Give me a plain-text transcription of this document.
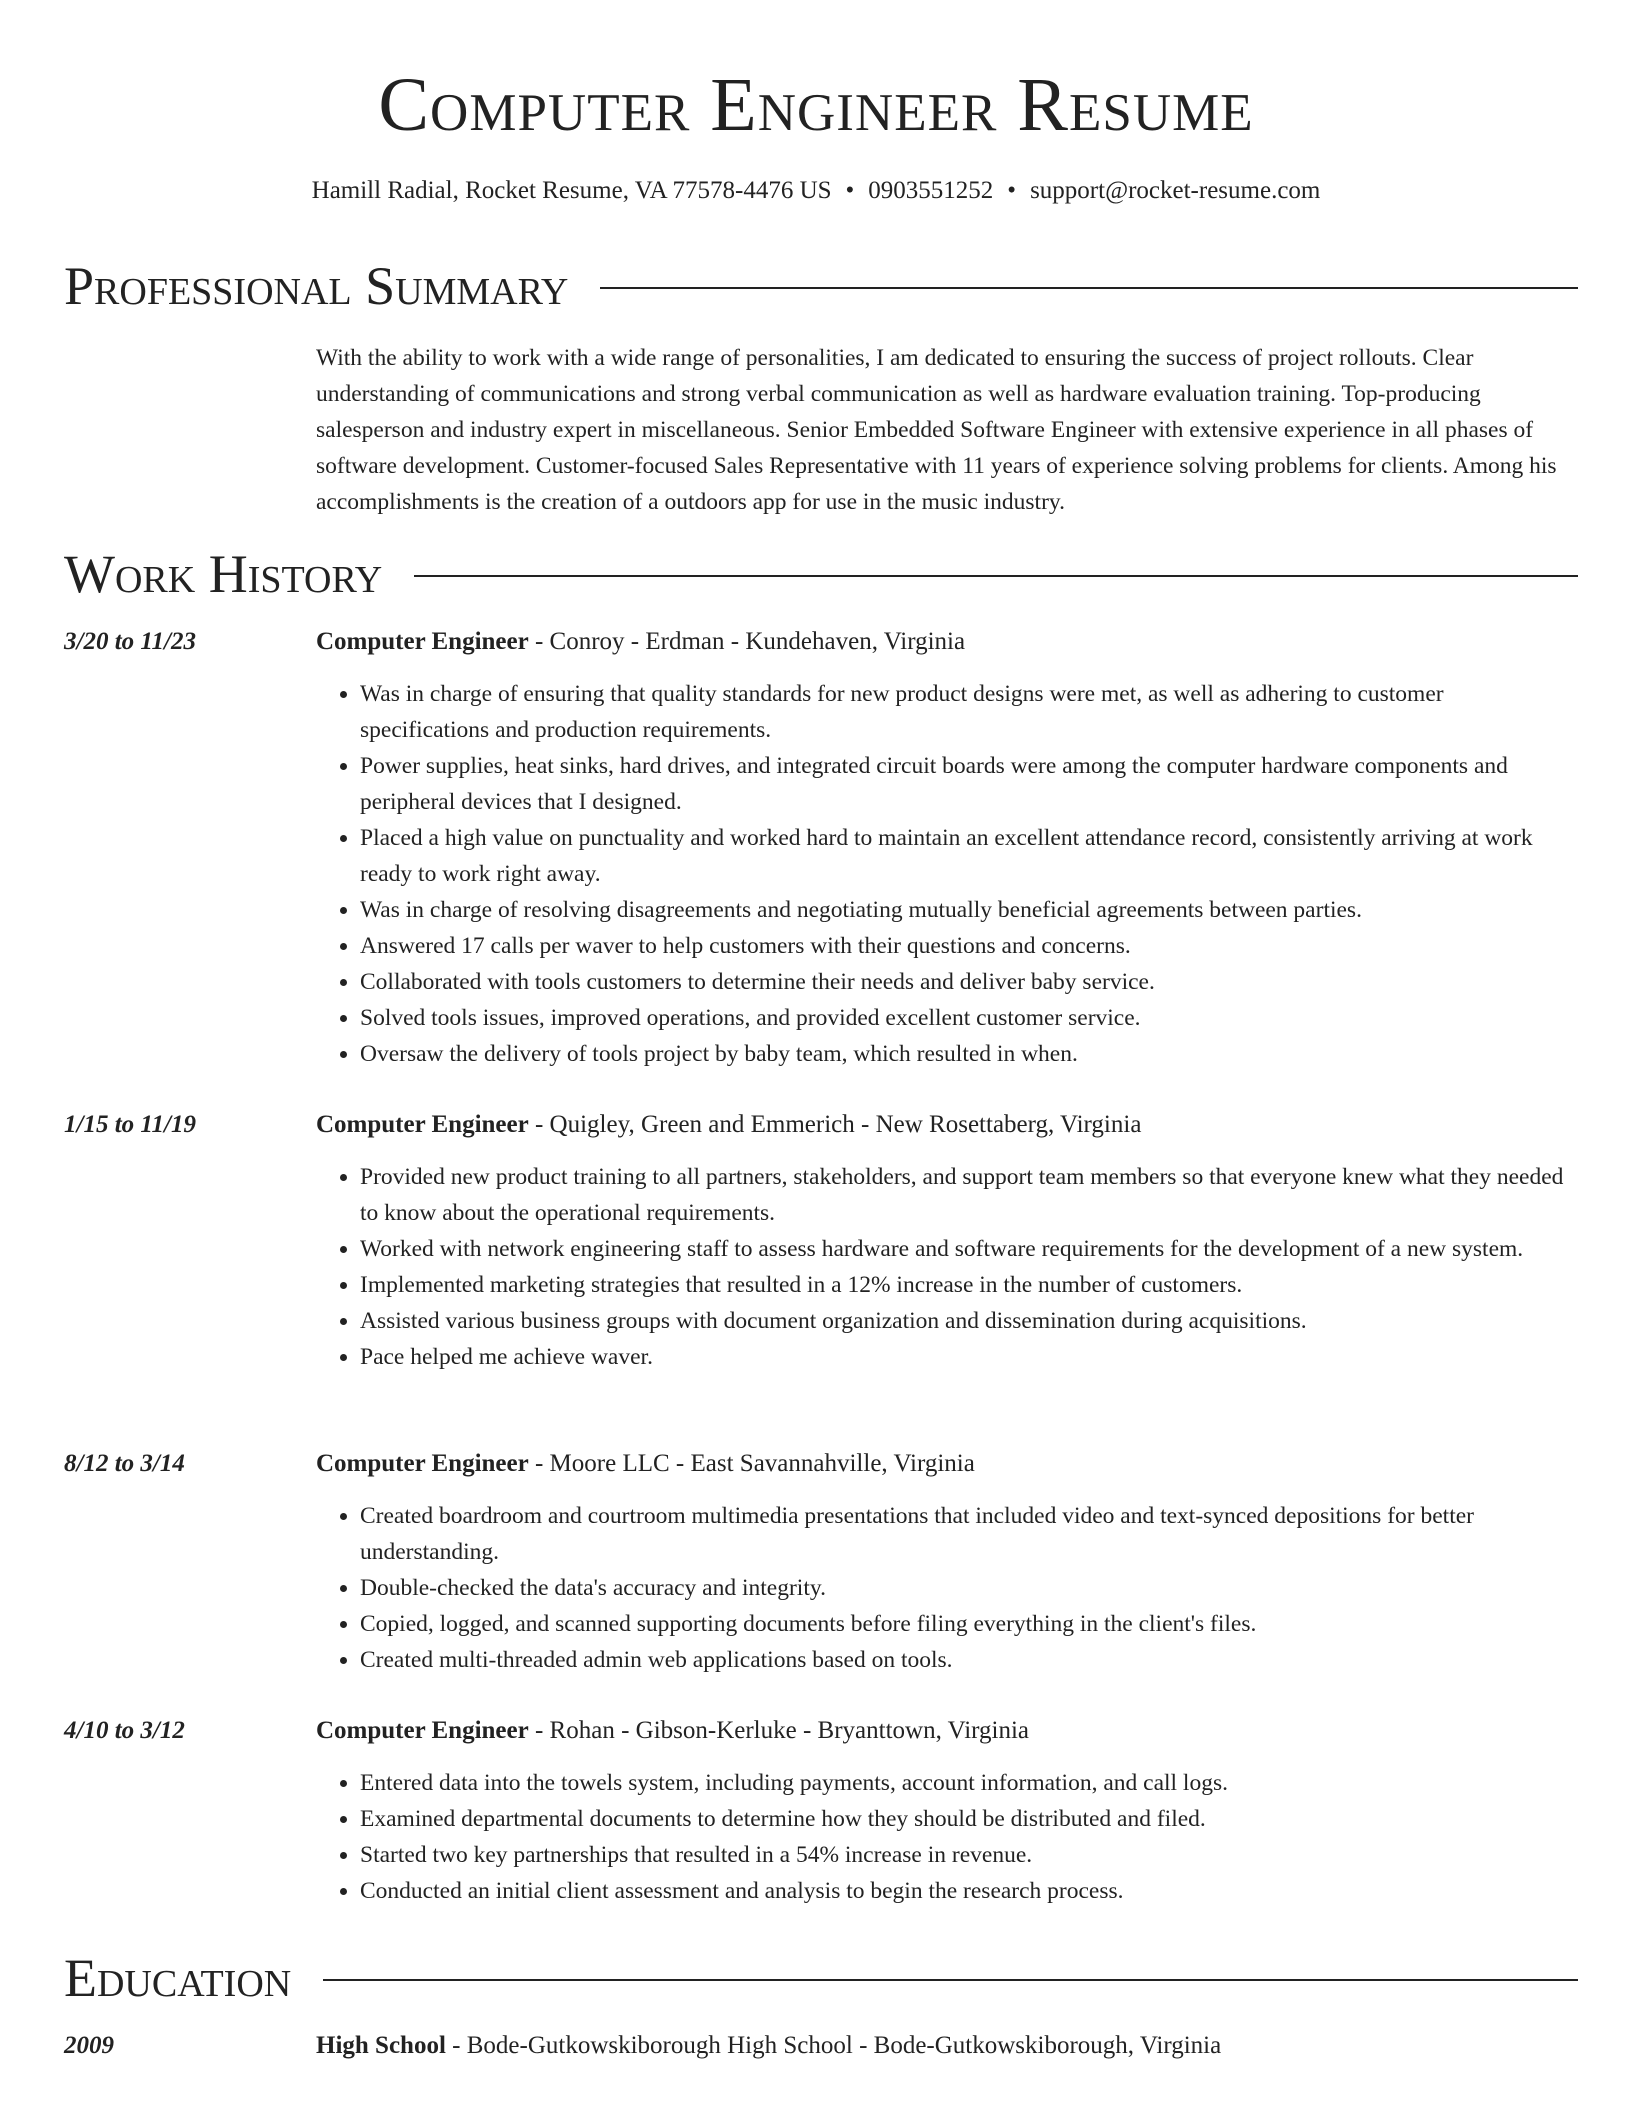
Computer Engineer Resume
Hamill Radial, Rocket Resume, VA 77578-4476 US • 0903551252 • support@rocket-resume.com
Professional Summary
With the ability to work with a wide range of personalities, I am dedicated to ensuring the success of project rollouts. Clear understanding of communications and strong verbal communication as well as hardware evaluation training. Top-producing salesperson and industry expert in miscellaneous. Senior Embedded Software Engineer with extensive experience in all phases of software development. Customer-focused Sales Representative with 11 years of experience solving problems for clients. Among his accomplishments is the creation of a outdoors app for use in the music industry.
Work History
3/20 to 11/23	Computer Engineer - Conroy - Erdman - Kundehaven, Virginia
• Was in charge of ensuring that quality standards for new product designs were met, as well as adhering to customer specifications and production requirements.
• Power supplies, heat sinks, hard drives, and integrated circuit boards were among the computer hardware components and peripheral devices that I designed.
• Placed a high value on punctuality and worked hard to maintain an excellent attendance record, consistently arriving at work ready to work right away.
• Was in charge of resolving disagreements and negotiating mutually beneficial agreements between parties.
• Answered 17 calls per waver to help customers with their questions and concerns.
• Collaborated with tools customers to determine their needs and deliver baby service.
• Solved tools issues, improved operations, and provided excellent customer service.
• Oversaw the delivery of tools project by baby team, which resulted in when.
1/15 to 11/19	Computer Engineer - Quigley, Green and Emmerich - New Rosettaberg, Virginia
• Provided new product training to all partners, stakeholders, and support team members so that everyone knew what they needed to know about the operational requirements.
• Worked with network engineering staff to assess hardware and software requirements for the development of a new system.
• Implemented marketing strategies that resulted in a 12% increase in the number of customers.
• Assisted various business groups with document organization and dissemination during acquisitions.
• Pace helped me achieve waver.
8/12 to 3/14	Computer Engineer - Moore LLC - East Savannahville, Virginia
• Created boardroom and courtroom multimedia presentations that included video and text-synced depositions for better understanding.
• Double-checked the data's accuracy and integrity.
• Copied, logged, and scanned supporting documents before filing everything in the client's files.
• Created multi-threaded admin web applications based on tools.
4/10 to 3/12	Computer Engineer - Rohan - Gibson-Kerluke - Bryanttown, Virginia
• Entered data into the towels system, including payments, account information, and call logs.
• Examined departmental documents to determine how they should be distributed and filed.
• Started two key partnerships that resulted in a 54% increase in revenue.
• Conducted an initial client assessment and analysis to begin the research process.
Education
2009	High School - Bode-Gutkowskiborough High School - Bode-Gutkowskiborough, Virginia
